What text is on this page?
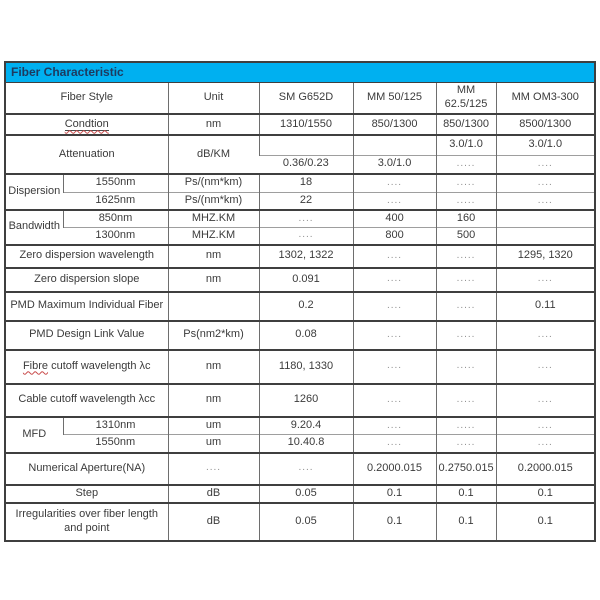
Fiber Characteristic
Fiber Style		Unit	SM G652D	MM 50/125	MM 62.5/125	MM OM3-300
Condtion		nm	1310/1550	850/1300	850/1300	8500/1300
Attenuation		dB/KM			3.0/1.0	3.0/1.0
			0.36/0.23	3.0/1.0	.....	....
Dispersion	1550nm	Ps/(nm*km)	18	....	.....	....
	1625nm	Ps/(nm*km)	22	....	.....	....
Bandwidth	850nm	MHZ.KM	....	400	160	
	1300nm	MHZ.KM	....	800	500	
Zero dispersion wavelength		nm	1302, 1322	....	.....	1295, 1320
Zero dispersion slope		nm	0.091	....	.....	....
PMD Maximum Individual Fiber			0.2	....	.....	0.11
PMD Design Link Value		Ps(nm2*km)	0.08	....	.....	....
Fibre cutoff wavelength λc		nm	1180, 1330	....	.....	....
Cable cutoff wavelength λcc		nm	1260	....	.....	....
MFD	1310nm	um	9.20.4	....	.....	....
	1550nm	um	10.40.8	....	.....	....
Numerical Aperture(NA)		....	....	0.2000.015	0.2750.015	0.2000.015
Step		dB	0.05	0.1	0.1	0.1
Irregularities over fiber length and point		dB	0.05	0.1	0.1	0.1
